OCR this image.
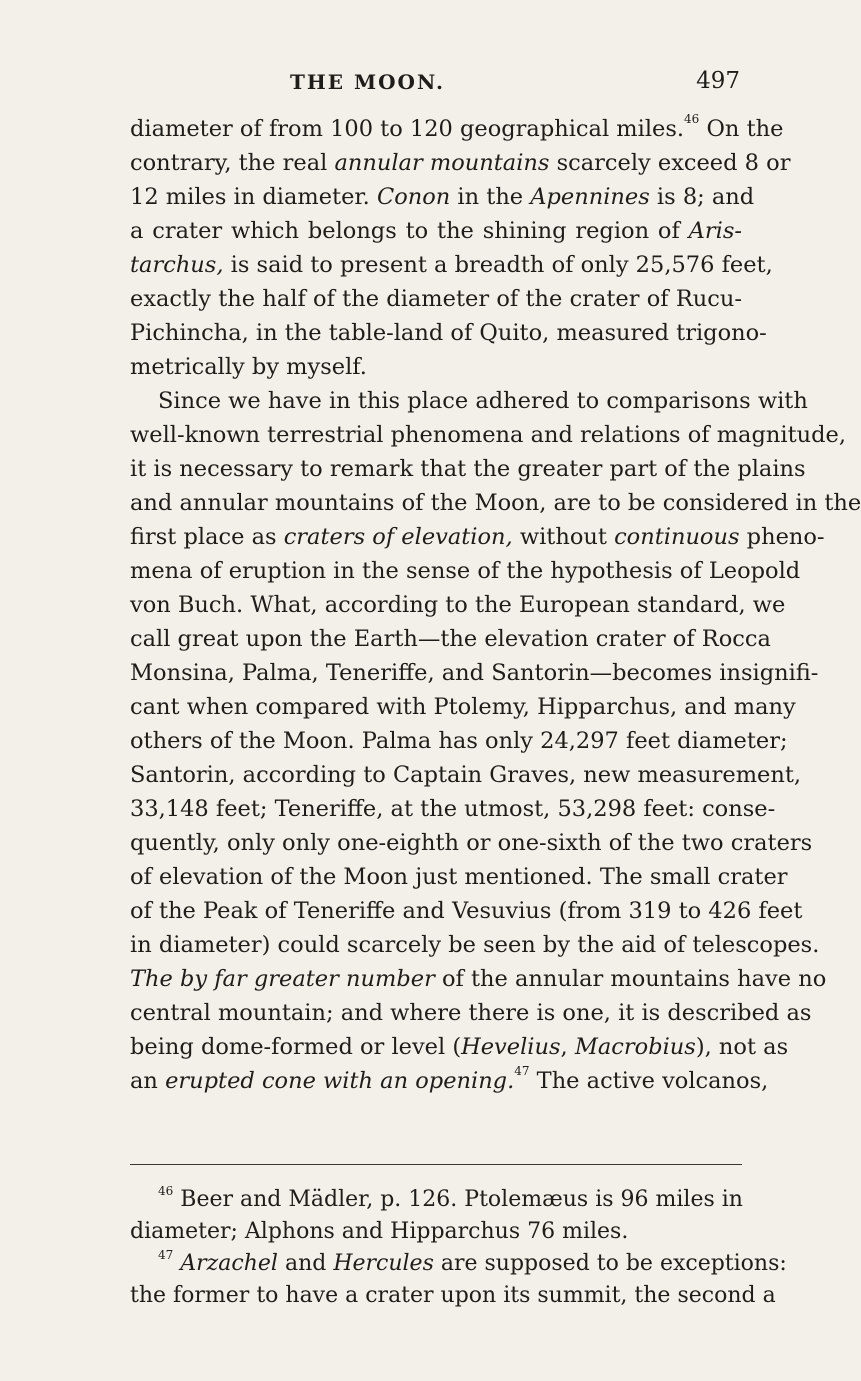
THE MOON.	497
diameter of from 100 to 120 geographical miles.$^{46}$ On the
contrary, the real annular mountains scarcely exceed 8 or
12 miles in diameter. Conon in the Apennines is 8; and
a crater which belongs to the shining region of Aris-
tarchus, is said to present a breadth of only 25,576 feet,
exactly the half of the diameter of the crater of Rucu-
Pichincha, in the table-land of Quito, measured trigono-
metrically by myself.
Since we have in this place adhered to comparisons with
well-known terrestrial phenomena and relations of magnitude,
it is necessary to remark that the greater part of the plains
and annular mountains of the Moon, are to be considered in the
first place as craters of elevation, without continuous pheno-
mena of eruption in the sense of the hypothesis of Leopold
von Buch. What, according to the European standard, we
call great upon the Earth—the elevation crater of Rocca
Monsina, Palma, Teneriffe, and Santorin—becomes insignifi-
cant when compared with Ptolemy, Hipparchus, and many
others of the Moon. Palma has only 24,297 feet diameter;
Santorin, according to Captain Graves, new measurement,
33,148 feet; Teneriffe, at the utmost, 53,298 feet: conse-
quently, only only one-eighth or one-sixth of the two craters
of elevation of the Moon just mentioned. The small crater
of the Peak of Teneriffe and Vesuvius (from 319 to 426 feet
in diameter) could scarcely be seen by the aid of telescopes.
The by far greater number of the annular mountains have no
central mountain; and where there is one, it is described as
being dome-formed or level (Hevelius, Macrobius), not as
an erupted cone with an opening.$^{47}$ The active volcanos,
$^{46}$ Beer and Mädler, p. 126. Ptolemæus is 96 miles in
diameter; Alphons and Hipparchus 76 miles.
$^{47}$ Arzachel and Hercules are supposed to be exceptions:
the former to have a crater upon its summit, the second a
